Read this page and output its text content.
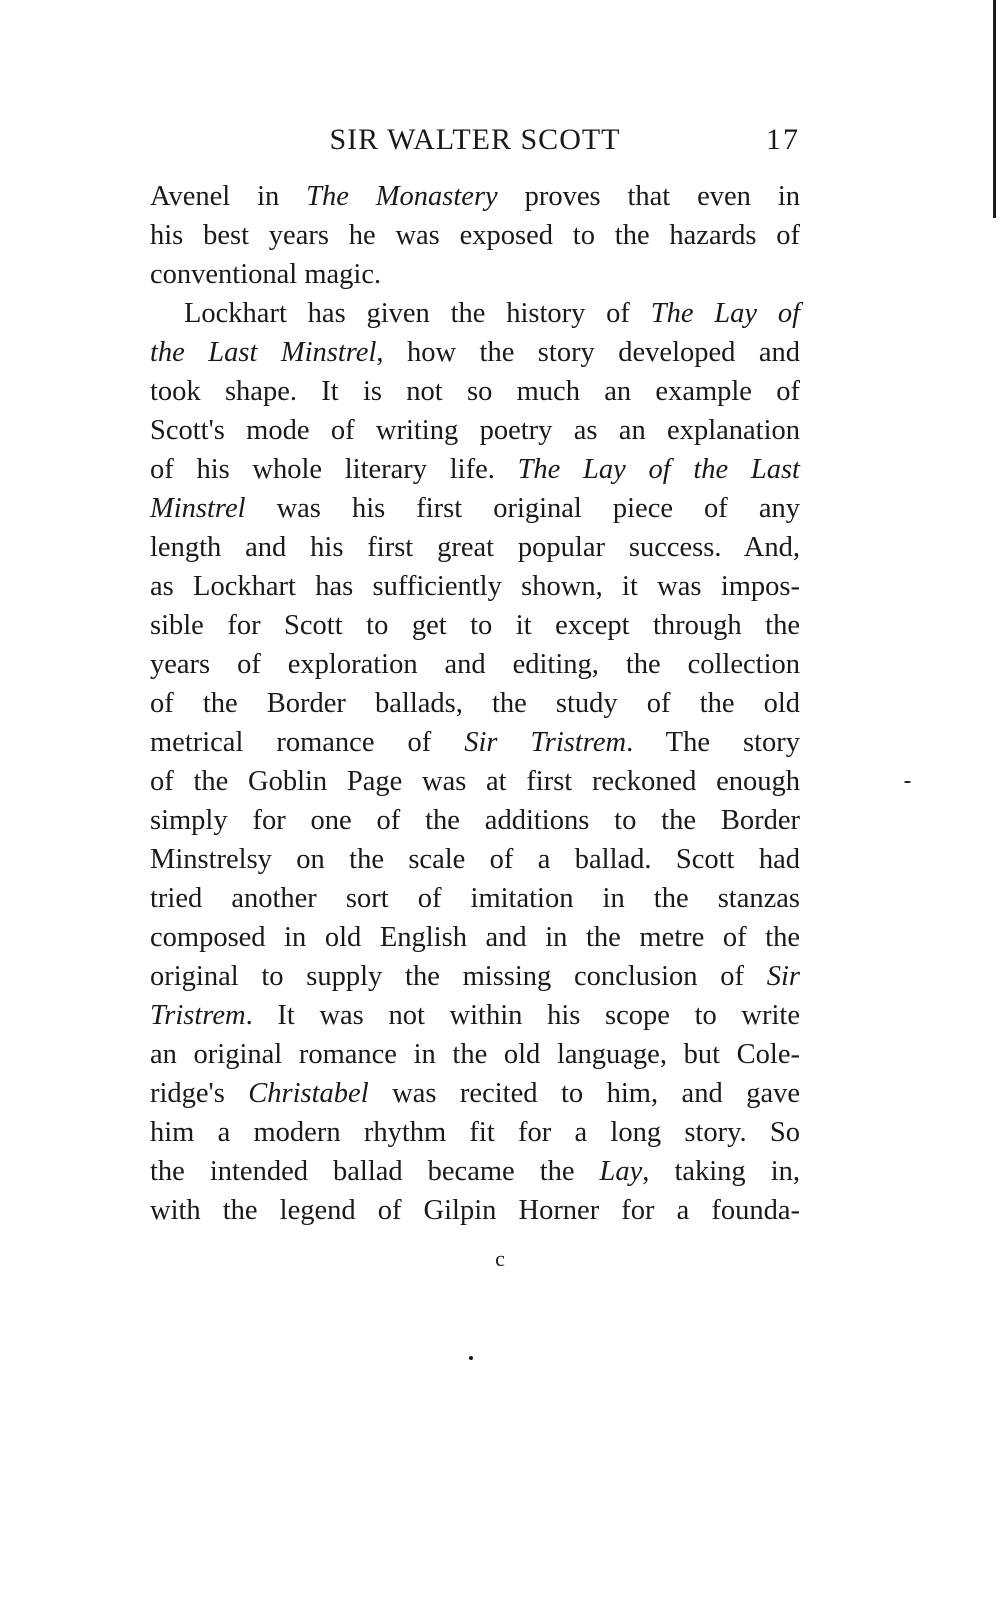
SIR WALTER SCOTT	17
Avenel in The Monastery proves that even in
his best years he was exposed to the hazards of
conventional magic.
Lockhart has given the history of The Lay of
the Last Minstrel, how the story developed and
took shape. It is not so much an example of
Scott's mode of writing poetry as an explanation
of his whole literary life. The Lay of the Last
Minstrel was his first original piece of any
length and his first great popular success. And,
as Lockhart has sufficiently shown, it was impos-
sible for Scott to get to it except through the
years of exploration and editing, the collection
of the Border ballads, the study of the old
metrical romance of Sir Tristrem. The story
of the Goblin Page was at first reckoned enough
simply for one of the additions to the Border
Minstrelsy on the scale of a ballad. Scott had
tried another sort of imitation in the stanzas
composed in old English and in the metre of the
original to supply the missing conclusion of Sir
Tristrem. It was not within his scope to write
an original romance in the old language, but Cole-
ridge's Christabel was recited to him, and gave
him a modern rhythm fit for a long story. So
the intended ballad became the Lay, taking in,
with the legend of Gilpin Horner for a founda-
c
